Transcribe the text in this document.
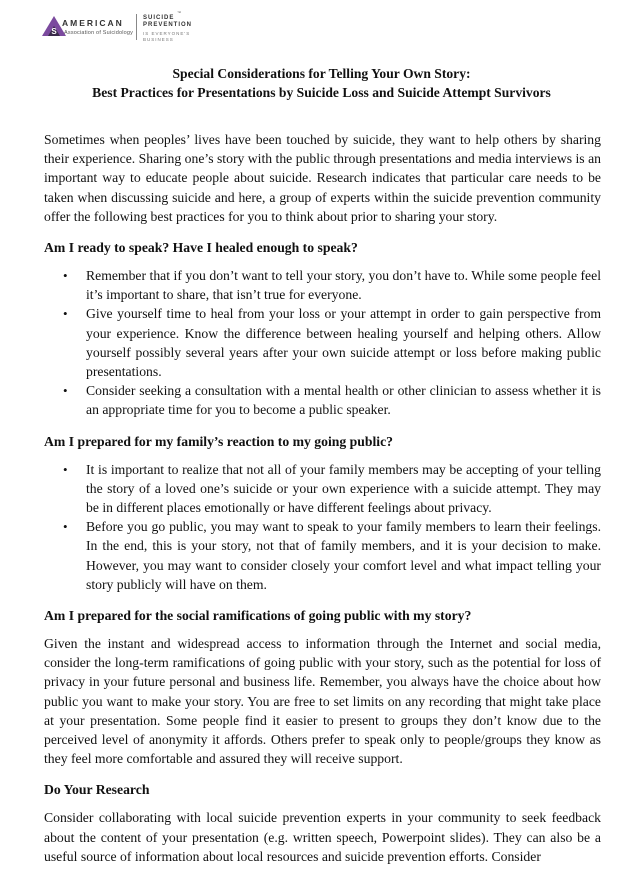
S
AMERICAN
Association of Suicidology
SUICIDE
PREVENTION
IS EVERYONE'S
BUSINESS
™

Special Considerations for Telling Your Own Story:

Best Practices for Presentations by Suicide Loss and Suicide Attempt Survivors

Sometimes when peoples’ lives have been touched by suicide, they want to help others by sharing their experience. Sharing one’s story with the public through presentations and media interviews is an important way to educate people about suicide. Research indicates that particular care needs to be taken when discussing suicide and here, a group of experts within the suicide prevention community offer the following best practices for you to think about prior to sharing your story.

Am I ready to speak? Have I healed enough to speak?
• Remember that if you don’t want to tell your story, you don’t have to. While some people feel it’s important to share, that isn’t true for everyone.
• Give yourself time to heal from your loss or your attempt in order to gain perspective from your experience. Know the difference between healing yourself and helping others. Allow yourself possibly several years after your own suicide attempt or loss before making public presentations.
• Consider seeking a consultation with a mental health or other clinician to assess whether it is an appropriate time for you to become a public speaker.
Am I prepared for my family’s reaction to my going public?
• It is important to realize that not all of your family members may be accepting of your telling the story of a loved one’s suicide or your own experience with a suicide attempt. They may be in different places emotionally or have different feelings about privacy.
• Before you go public, you may want to speak to your family members to learn their feelings. In the end, this is your story, not that of family members, and it is your decision to make. However, you may want to consider closely your comfort level and what impact telling your story publicly will have on them.
Am I prepared for the social ramifications of going public with my story?

Given the instant and widespread access to information through the Internet and social media, consider the long-term ramifications of going public with your story, such as the potential for loss of privacy in your future personal and business life. Remember, you always have the choice about how public you want to make your story. You are free to set limits on any recording that might take place at your presentation. Some people find it easier to present to groups they don’t know due to the perceived level of anonymity it affords. Others prefer to speak only to people/groups they know as they feel more comfortable and assured they will receive support.

Do Your Research

Consider collaborating with local suicide prevention experts in your community to seek feedback about the content of your presentation (e.g. written speech, Powerpoint slides). They can also be a useful source of information about local resources and suicide prevention efforts. Consider
